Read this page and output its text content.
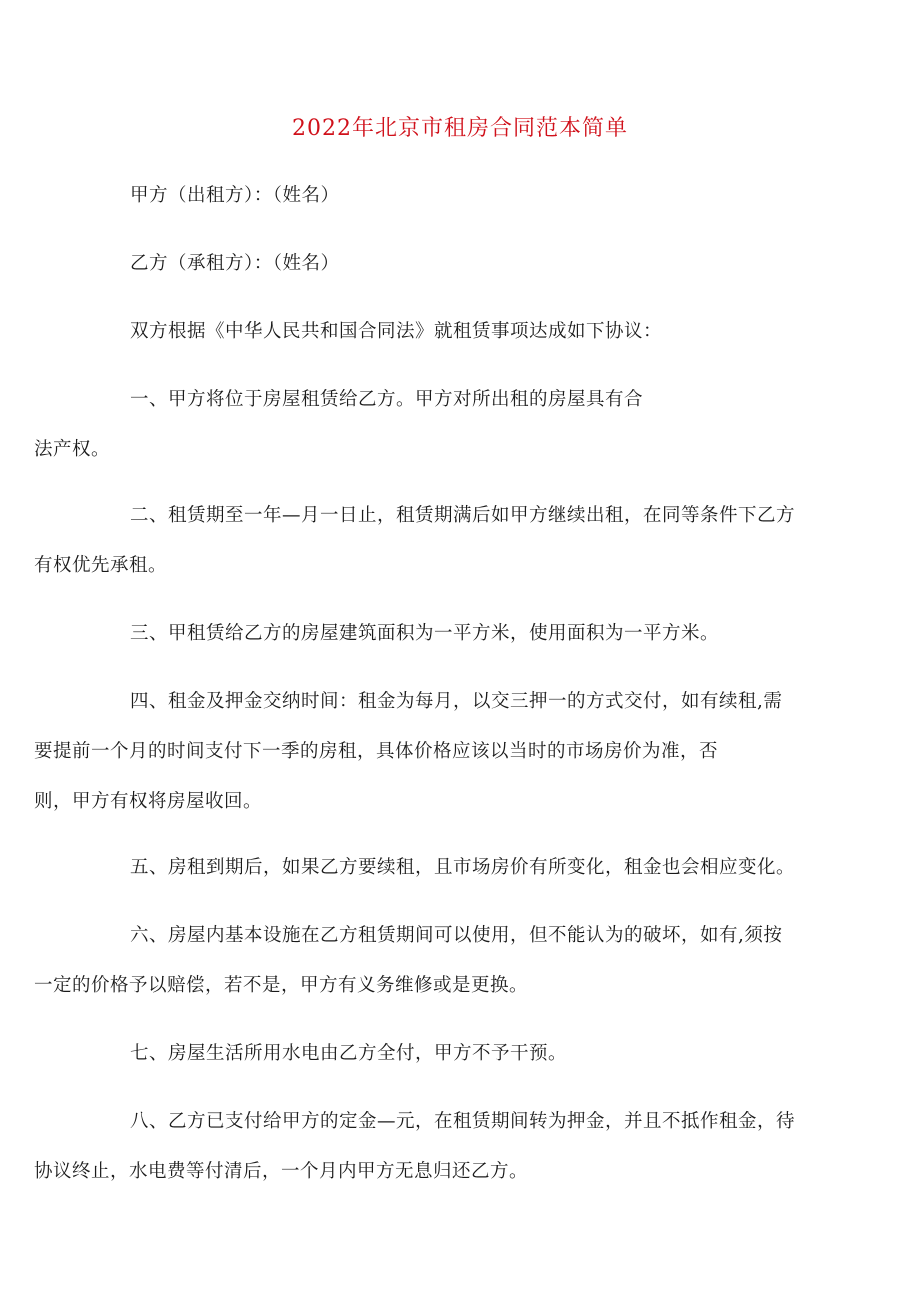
2022年北京市租房合同范本简单
甲方（出租方）：（姓名）
乙方（承租方）：（姓名）
双方根据《中华人民共和国合同法》就租赁事项达成如下协议：
一、甲方将位于房屋租赁给乙方。甲方对所出租的房屋具有合
法产权。
二、租赁期至一年—月一日止，租赁期满后如甲方继续出租，在同等条件下乙方
有权优先承租。
三、甲租赁给乙方的房屋建筑面积为一平方米，使用面积为一平方米。
四、租金及押金交纳时间：租金为每月，以交三押一的方式交付，如有续租,需
要提前一个月的时间支付下一季的房租，具体价格应该以当时的市场房价为准，否
则，甲方有权将房屋收回。
五、房租到期后，如果乙方要续租，且市场房价有所变化，租金也会相应变化。
六、房屋内基本设施在乙方租赁期间可以使用，但不能认为的破坏，如有,须按
一定的价格予以赔偿，若不是，甲方有义务维修或是更换。
七、房屋生活所用水电由乙方全付，甲方不予干预。
八、乙方已支付给甲方的定金—元，在租赁期间转为押金，并且不抵作租金，待
协议终止，水电费等付清后，一个月内甲方无息归还乙方。
